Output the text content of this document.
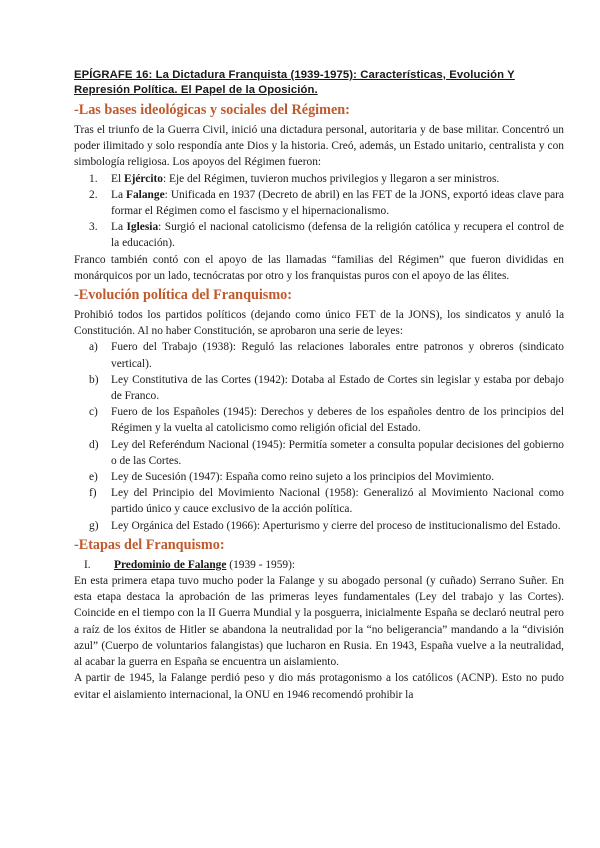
EPÍGRAFE 16: La Dictadura Franquista (1939-1975): Características, Evolución Y Represión Política. El Papel de la Oposición.
-Las bases ideológicas y sociales del Régimen:

Tras el triunfo de la Guerra Civil, inició una dictadura personal, autoritaria y de base militar. Concentró un poder ilimitado y solo respondía ante Dios y la historia. Creó, además, un Estado unitario, centralista y con simbología religiosa. Los apoyos del Régimen fueron:

1. El Ejército: Eje del Régimen, tuvieron muchos privilegios y llegaron a ser ministros.
2. La Falange: Unificada en 1937 (Decreto de abril) en las FET de la JONS, exportó ideas clave para formar el Régimen como el fascismo y el hipernacionalismo.
3. La Iglesia: Surgió el nacional catolicismo (defensa de la religión católica y recupera el control de la educación).

Franco también contó con el apoyo de las llamadas “familias del Régimen” que fueron divididas en monárquicos por un lado, tecnócratas por otro y los franquistas puros con el apoyo de las élites.

-Evolución política del Franquismo:

Prohibió todos los partidos políticos (dejando como único FET de la JONS), los sindicatos y anuló la Constitución. Al no haber Constitución, se aprobaron una serie de leyes:

a) Fuero del Trabajo (1938): Reguló las relaciones laborales entre patronos y obreros (sindicato vertical).
b) Ley Constitutiva de las Cortes (1942): Dotaba al Estado de Cortes sin legislar y estaba por debajo de Franco.
c) Fuero de los Españoles (1945): Derechos y deberes de los españoles dentro de los principios del Régimen y la vuelta al catolicismo como religión oficial del Estado.
d) Ley del Referéndum Nacional (1945): Permitía someter a consulta popular decisiones del gobierno o de las Cortes.
e) Ley de Sucesión (1947): España como reino sujeto a los principios del Movimiento.
f) Ley del Principio del Movimiento Nacional (1958): Generalizó al Movimiento Nacional como partido único y cauce exclusivo de la acción política.
g) Ley Orgánica del Estado (1966): Aperturismo y cierre del proceso de institucionalismo del Estado.
-Etapas del Franquismo:
I. Predominio de Falange (1939 - 1959):

En esta primera etapa tuvo mucho poder la Falange y su abogado personal (y cuñado) Serrano Suñer. En esta etapa destaca la aprobación de las primeras leyes fundamentales (Ley del trabajo y las Cortes). Coincide en el tiempo con la II Guerra Mundial y la posguerra, inicialmente España se declaró neutral pero a raíz de los éxitos de Hitler se abandona la neutralidad por la “no beligerancia” mandando a la “división azul” (Cuerpo de voluntarios falangistas) que lucharon en Rusia. En 1943, España vuelve a la neutralidad, al acabar la guerra en España se encuentra un aislamiento.

A partir de 1945, la Falange perdió peso y dio más protagonismo a los católicos (ACNP). Esto no pudo evitar el aislamiento internacional, la ONU en 1946 recomendó prohibir la
